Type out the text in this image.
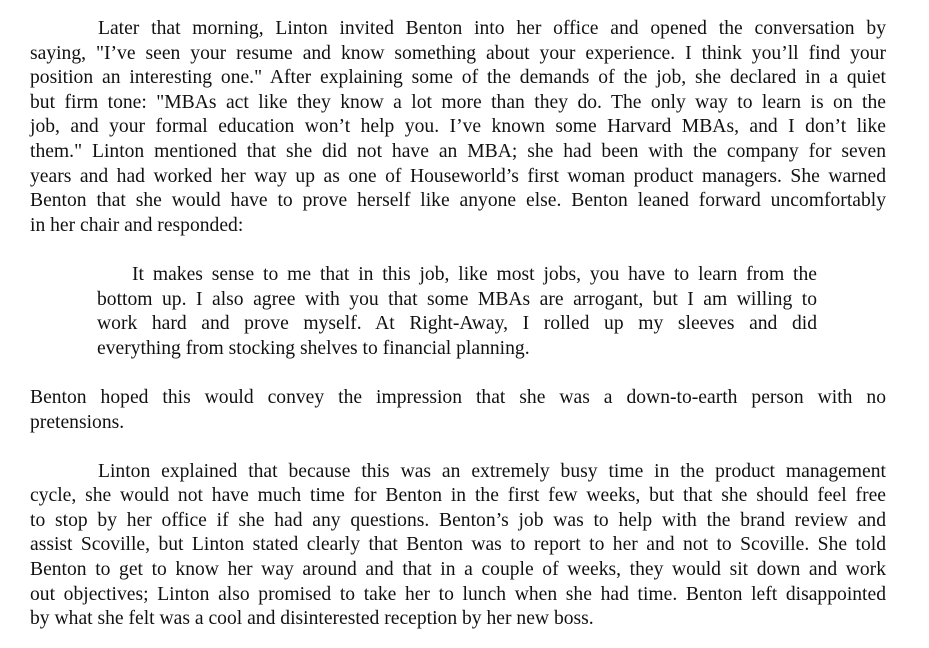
Later that morning, Linton invited Benton into her office and opened the conversation by
saying, "I’ve seen your resume and know something about your experience. I think you’ll find your
position an interesting one." After explaining some of the demands of the job, she declared in a quiet
but firm tone: "MBAs act like they know a lot more than they do. The only way to learn is on the
job, and your formal education won’t help you. I’ve known some Harvard MBAs, and I don’t like
them." Linton mentioned that she did not have an MBA; she had been with the company for seven
years and had worked her way up as one of Houseworld’s first woman product managers. She warned
Benton that she would have to prove herself like anyone else. Benton leaned forward uncomfortably
in her chair and responded:
It makes sense to me that in this job, like most jobs, you have to learn from the
bottom up. I also agree with you that some MBAs are arrogant, but I am willing to
work hard and prove myself. At Right-Away, I rolled up my sleeves and did
everything from stocking shelves to financial planning.
Benton hoped this would convey the impression that she was a down-to-earth person with no
pretensions.
Linton explained that because this was an extremely busy time in the product management
cycle, she would not have much time for Benton in the first few weeks, but that she should feel free
to stop by her office if she had any questions. Benton’s job was to help with the brand review and
assist Scoville, but Linton stated clearly that Benton was to report to her and not to Scoville. She told
Benton to get to know her way around and that in a couple of weeks, they would sit down and work
out objectives; Linton also promised to take her to lunch when she had time. Benton left disappointed
by what she felt was a cool and disinterested reception by her new boss.
